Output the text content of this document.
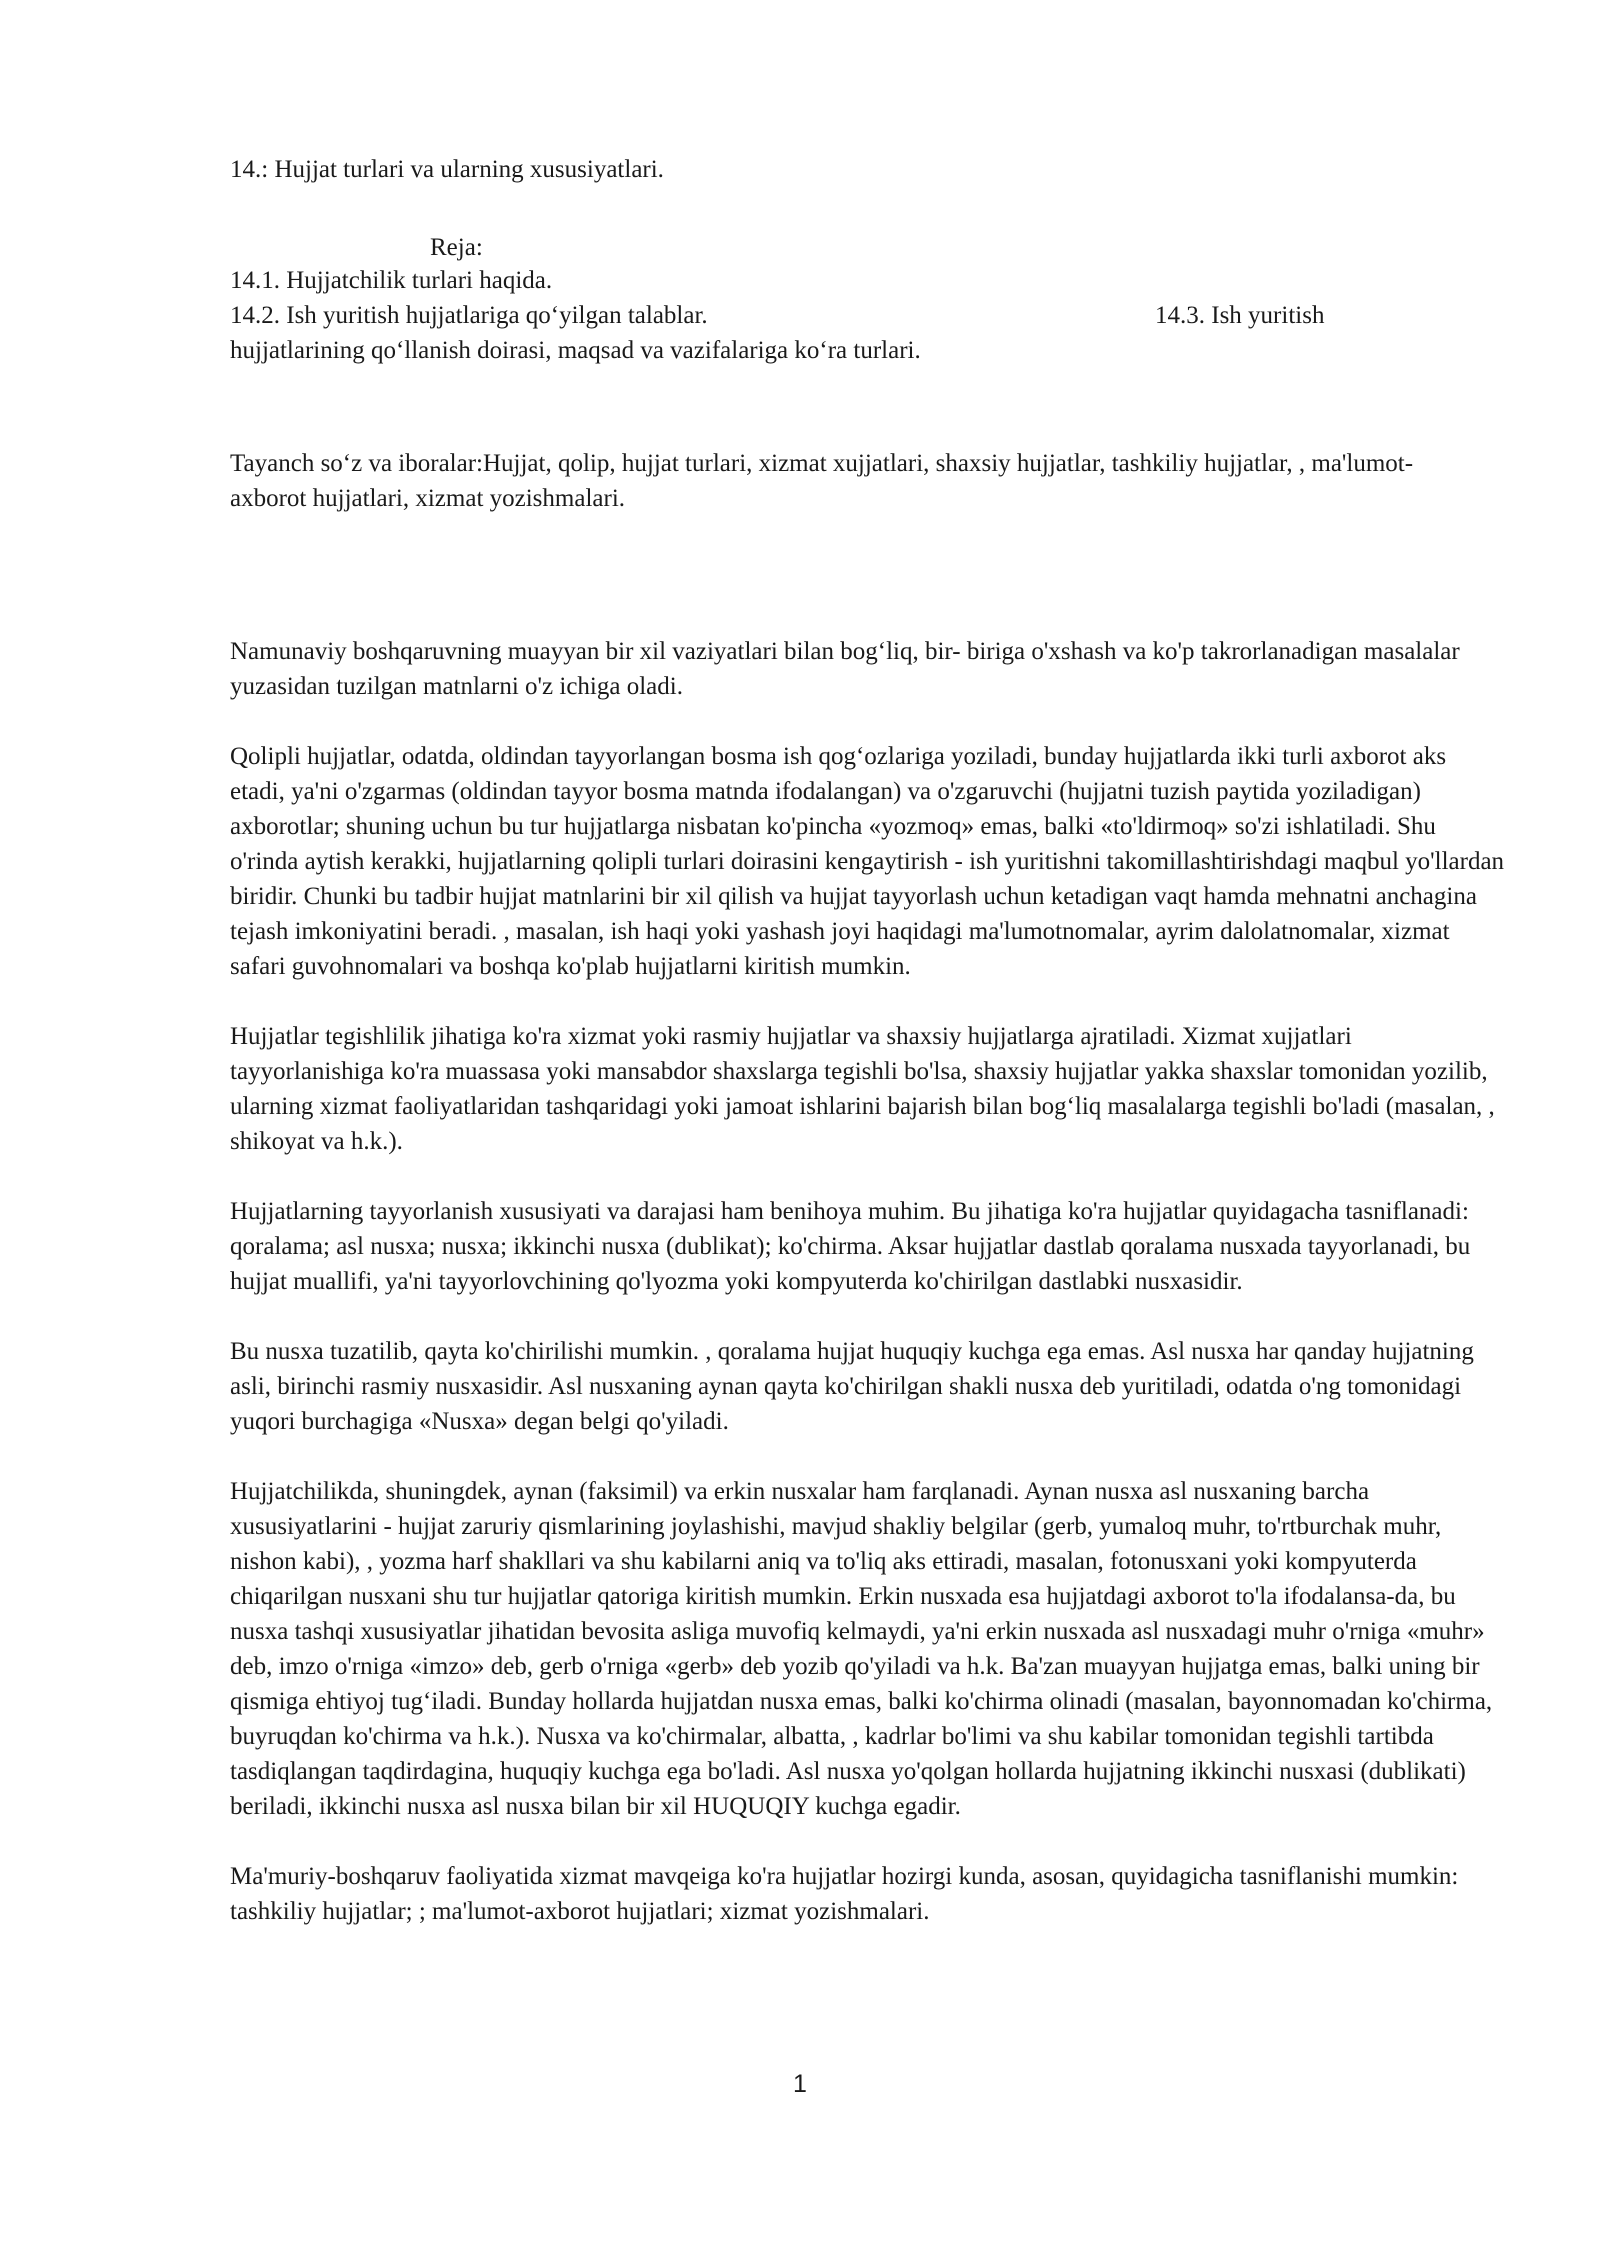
14.: Hujjat turlari va ularning xususiyatlari.

Reja:

14.1. Hujjatchilik turlari haqida.

14.2. Ish yuritish hujjatlariga qo‘yilgan talablar.	14.3. Ish yuritish
hujjatlarining qo‘llanish doirasi, maqsad va vazifalariga ko‘ra turlari.

Tayanch so‘z va iboralar:Hujjat, qolip, hujjat turlari, xizmat xujjatlari, shaxsiy hujjatlar, tashkiliy hujjatlar, , ma'lumot-axborot hujjatlari, xizmat yozishmalari.

Namunaviy boshqaruvning muayyan bir xil vaziyatlari bilan bog‘liq, bir- biriga o'xshash va ko'p takrorlanadigan masalalar yuzasidan tuzilgan matnlarni o'z ichiga oladi.

Qolipli hujjatlar, odatda, oldindan tayyorlangan bosma ish qog‘ozlariga yoziladi, bunday hujjatlarda ikki turli axborot aks etadi, ya'ni o'zgarmas (oldindan tayyor bosma matnda ifodalangan) va o'zgaruvchi (hujjatni tuzish paytida yoziladigan) axborotlar; shuning uchun bu tur hujjatlarga nisbatan ko'pincha «yozmoq» emas, balki «to'ldirmoq» so'zi ishlatiladi. Shu o'rinda aytish kerakki, hujjatlarning qolipli turlari doirasini kengaytirish - ish yuritishni takomillashtirishdagi maqbul yo'llardan biridir. Chunki bu tadbir hujjat matnlarini bir xil qilish va hujjat tayyorlash uchun ketadigan vaqt hamda mehnatni anchagina tejash imkoniyatini beradi. , masalan, ish haqi yoki yashash joyi haqidagi ma'lumotnomalar, ayrim dalolatnomalar, xizmat safari guvohnomalari va boshqa ko'plab hujjatlarni kiritish mumkin.

Hujjatlar tegishlilik jihatiga ko'ra xizmat yoki rasmiy hujjatlar va shaxsiy hujjatlarga ajratiladi. Xizmat xujjatlari tayyorlanishiga ko'ra muassasa yoki mansabdor shaxslarga tegishli bo'lsa, shaxsiy hujjatlar yakka shaxslar tomonidan yozilib, ularning xizmat faoliyatlaridan tashqaridagi yoki jamoat ishlarini bajarish bilan bog‘liq masalalarga tegishli bo'ladi (masalan, , shikoyat va h.k.).

Hujjatlarning tayyorlanish xususiyati va darajasi ham benihoya muhim. Bu jihatiga ko'ra hujjatlar quyidagacha tasniflanadi: qoralama; asl nusxa; nusxa; ikkinchi nusxa (dublikat); ko'chirma. Aksar hujjatlar dastlab qoralama nusxada tayyorlanadi, bu hujjat muallifi, ya'ni tayyorlovchining qo'lyozma yoki kompyuterda ko'chirilgan dastlabki nusxasidir.

Bu nusxa tuzatilib, qayta ko'chirilishi mumkin. , qoralama hujjat huquqiy kuchga ega emas. Asl nusxa har qanday hujjatning asli, birinchi rasmiy nusxasidir. Asl nusxaning aynan qayta ko'chirilgan shakli nusxa deb yuritiladi, odatda o'ng tomonidagi yuqori burchagiga «Nusxa» degan belgi qo'yiladi.

Hujjatchilikda, shuningdek, aynan (faksimil) va erkin nusxalar ham farqlanadi. Aynan nusxa asl nusxaning barcha xususiyatlarini - hujjat zaruriy qismlarining joylashishi, mavjud shakliy belgilar (gerb, yumaloq muhr, to'rtburchak muhr, nishon kabi), , yozma harf shakllari va shu kabilarni aniq va to'liq aks ettiradi, masalan, fotonusxani yoki kompyuterda chiqarilgan nusxani shu tur hujjatlar qatoriga kiritish mumkin. Erkin nusxada esa hujjatdagi axborot to'la ifodalansa-da, bu nusxa tashqi xususiyatlar jihatidan bevosita asliga muvofiq kelmaydi, ya'ni erkin nusxada asl nusxadagi muhr o'rniga «muhr» deb, imzo o'rniga «imzo» deb, gerb o'rniga «gerb» deb yozib qo'yiladi va h.k. Ba'zan muayyan hujjatga emas, balki uning bir qismiga ehtiyoj tug‘iladi. Bunday hollarda hujjatdan nusxa emas, balki ko'chirma olinadi (masalan, bayonnomadan ko'chirma, buyruqdan ko'chirma va h.k.). Nusxa va ko'chirmalar, albatta, , kadrlar bo'limi va shu kabilar tomonidan tegishli tartibda tasdiqlangan taqdirdagina, huquqiy kuchga ega bo'ladi. Asl nusxa yo'qolgan hollarda hujjatning ikkinchi nusxasi (dublikati) beriladi, ikkinchi nusxa asl nusxa bilan bir xil HUQUQIY kuchga egadir.

Ma'muriy-boshqaruv faoliyatida xizmat mavqeiga ko'ra hujjatlar hozirgi kunda, asosan, quyidagicha tasniflanishi mumkin: tashkiliy hujjatlar; ; ma'lumot-axborot hujjatlari; xizmat yozishmalari.

1
